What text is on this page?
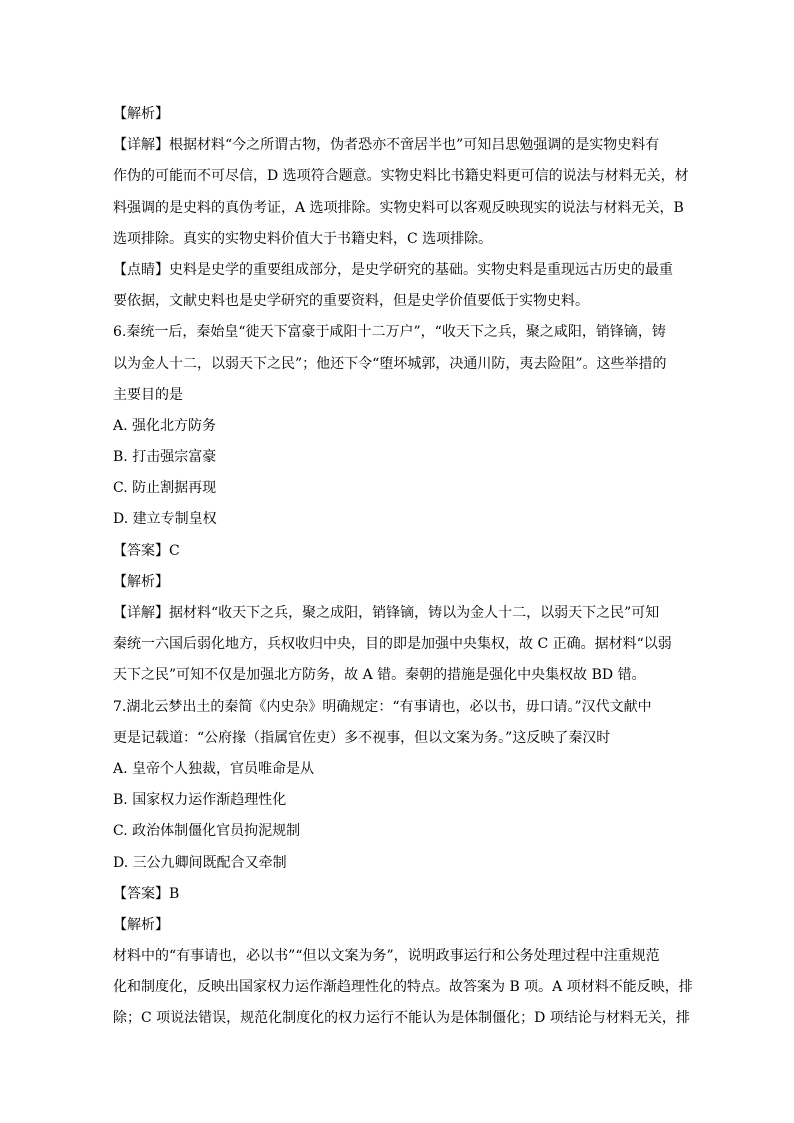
【解析】
【详解】根据材料“今之所谓古物，伪者恐亦不啻居半也”可知吕思勉强调的是实物史料有
作伪的可能而不可尽信，D 选项符合题意。实物史料比书籍史料更可信的说法与材料无关，材
料强调的是史料的真伪考证，A 选项排除。实物史料可以客观反映现实的说法与材料无关，B
选项排除。真实的实物史料价值大于书籍史料，C 选项排除。
【点睛】史料是史学的重要组成部分，是史学研究的基础。实物史料是重现远古历史的最重
要依据，文献史料也是史学研究的重要资料，但是史学价值要低于实物史料。
6.秦统一后，秦始皇“徙天下富豪于咸阳十二万户”，“收天下之兵，聚之咸阳，销锋镝，铸
以为金人十二，以弱天下之民”；他还下令“堕坏城郭，决通川防，夷去险阻”。这些举措的
主要目的是
A. 强化北方防务
B. 打击强宗富豪
C. 防止割据再现
D. 建立专制皇权
【答案】C
【解析】
【详解】据材料“收天下之兵，聚之成阳，销锋镝，铸以为金人十二，以弱天下之民”可知
秦统一六国后弱化地方，兵权收归中央，目的即是加强中央集权，故 C 正确。据材料“以弱
天下之民”可知不仅是加强北方防务，故 A 错。秦朝的措施是强化中央集权故 BD 错。
7.湖北云梦出土的秦简《内史杂》明确规定：“有事请也，必以书，毋口请。”汉代文献中
更是记载道：“公府掾（指属官佐吏）多不视事，但以文案为务。”这反映了秦汉时
A. 皇帝个人独裁，官员唯命是从
B. 国家权力运作渐趋理性化
C. 政治体制僵化官员拘泥规制
D. 三公九卿间既配合又牵制
【答案】B
【解析】
材料中的“有事请也，必以书”“但以文案为务”，说明政事运行和公务处理过程中注重规范
化和制度化，反映出国家权力运作渐趋理性化的特点。故答案为 B 项。A 项材料不能反映，排
除；C 项说法错误，规范化制度化的权力运行不能认为是体制僵化；D 项结论与材料无关，排
